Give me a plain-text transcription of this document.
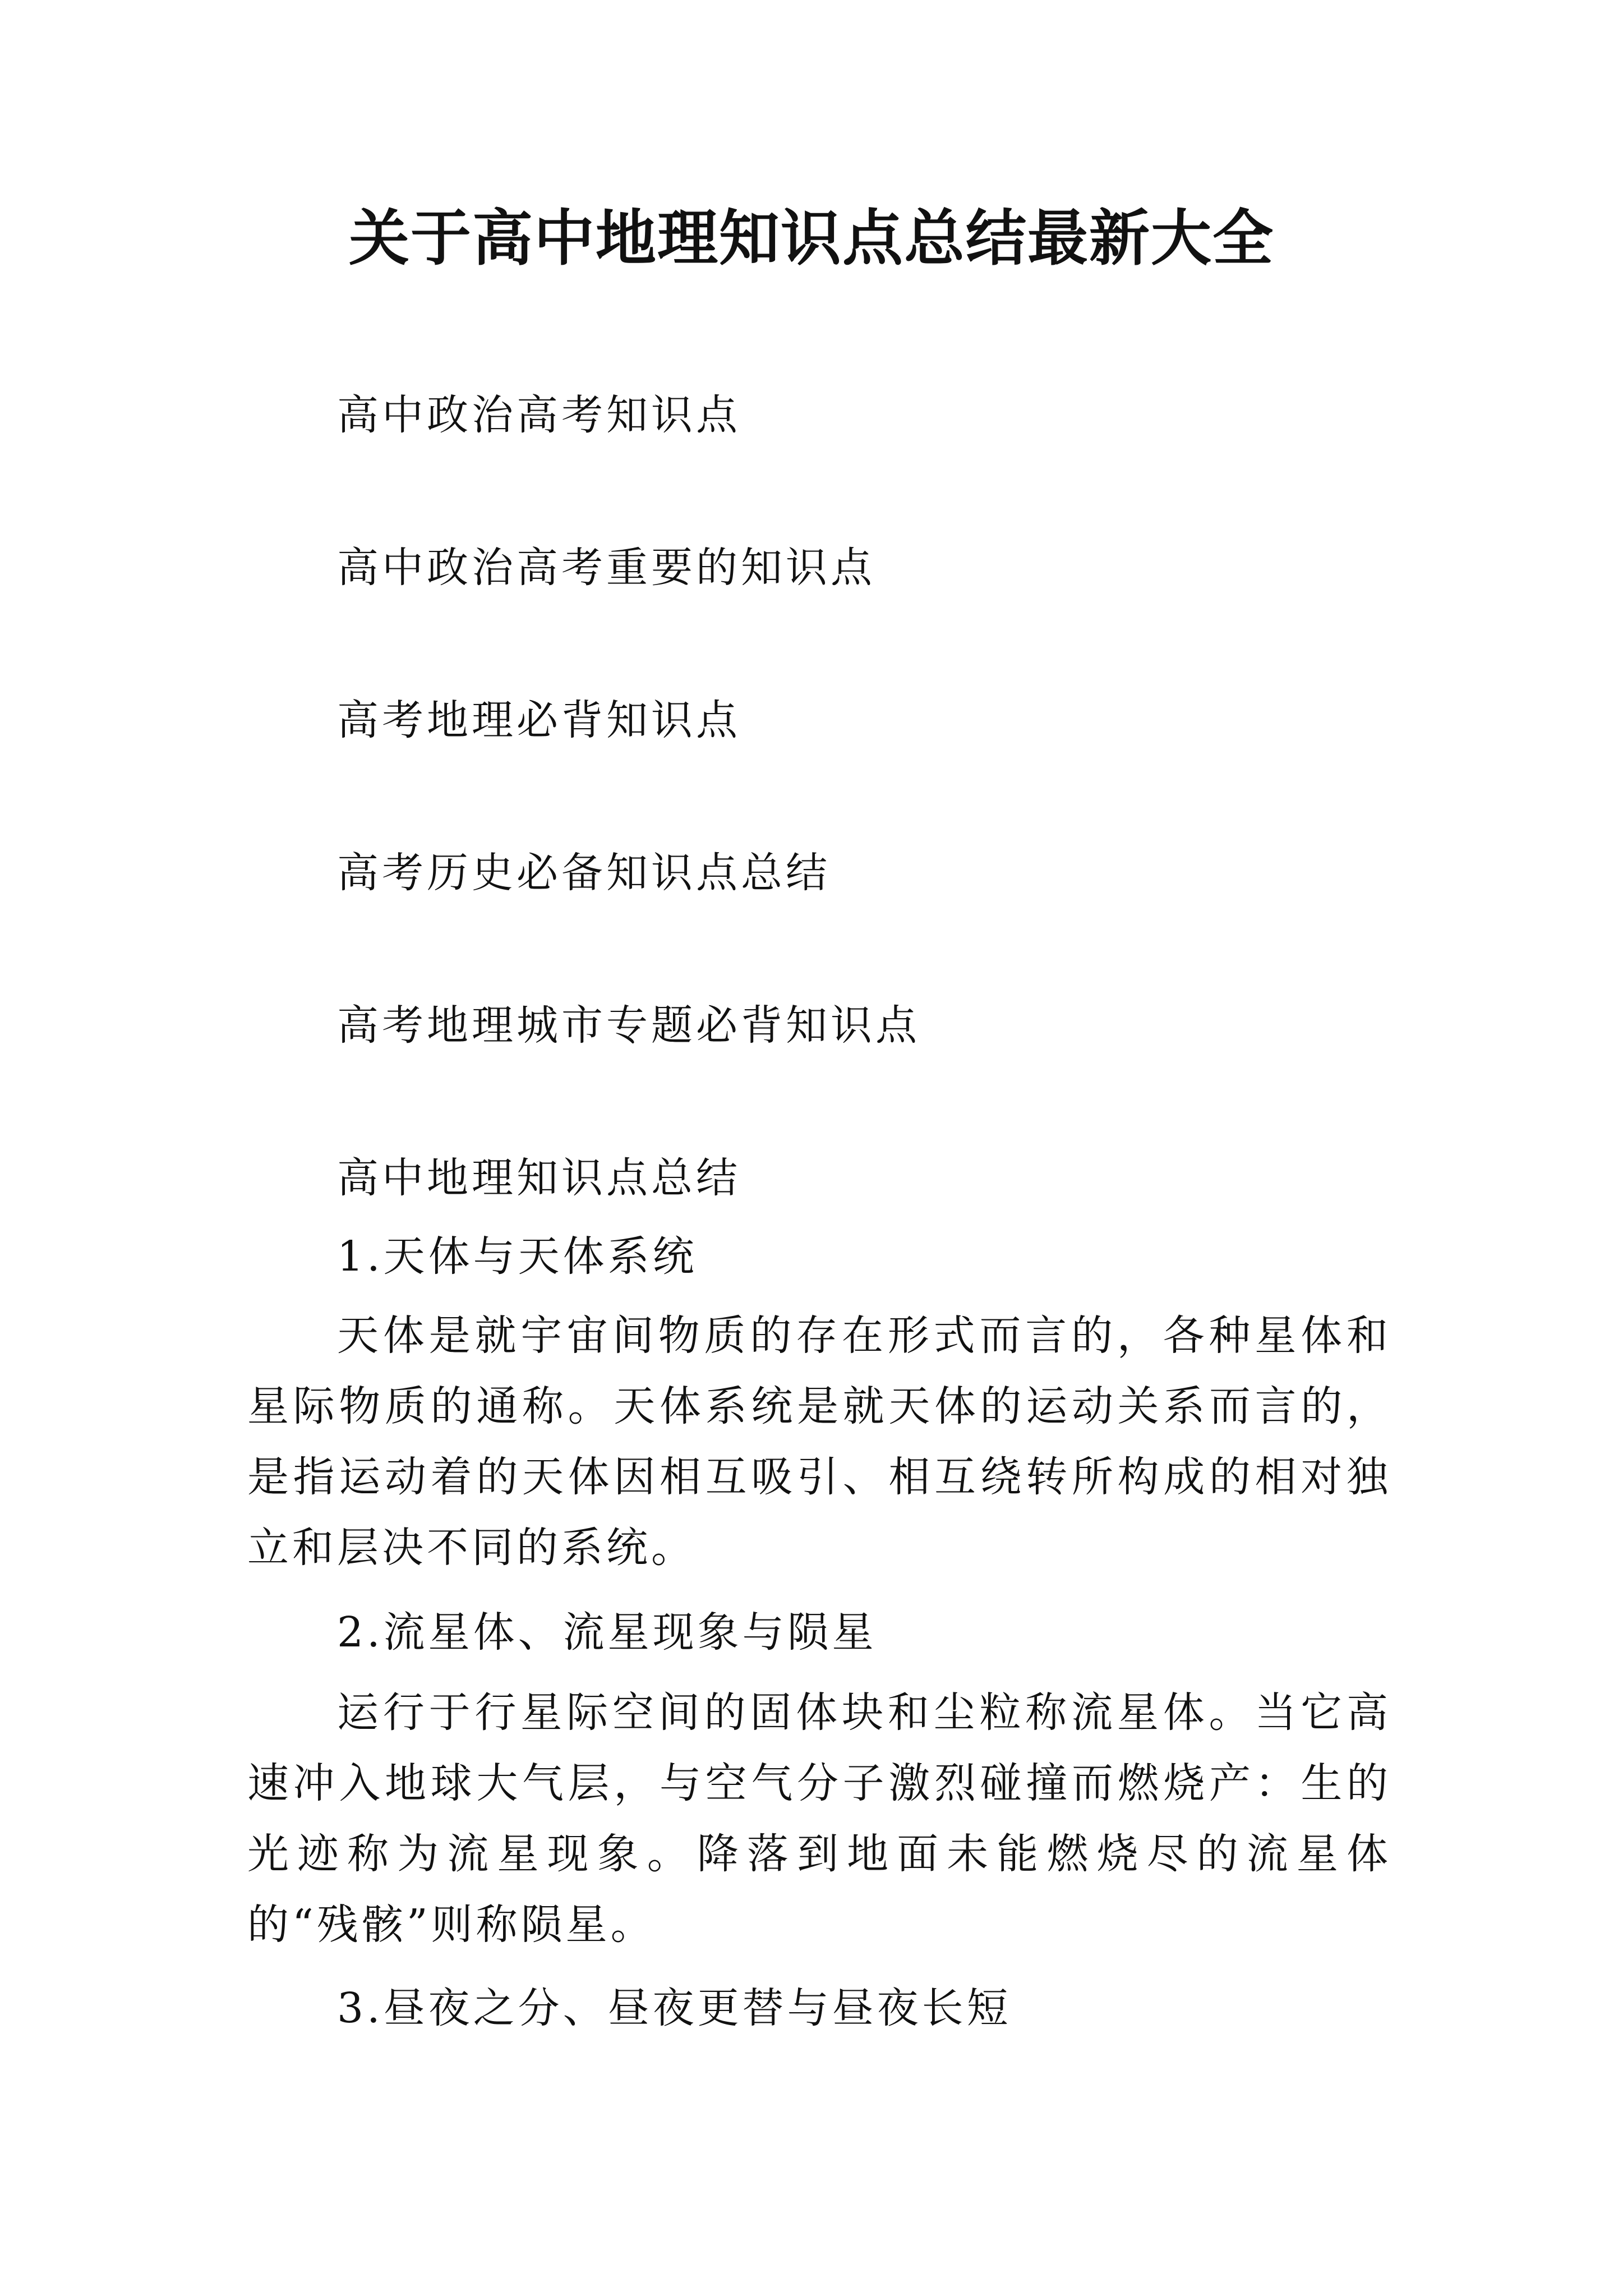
关于高中地理知识点总结最新大全
高中政治高考知识点
高中政治高考重要的知识点
高考地理必背知识点
高考历史必备知识点总结
高考地理城市专题必背知识点
高中地理知识点总结
1.天体与天体系统
天体是就宇宙间物质的存在形式而言的，各种星体和星际物质的通称。天体系统是就天体的运动关系而言的，是指运动着的天体因相互吸引、相互绕转所构成的相对独立和层决不同的系统。
2.流星体、流星现象与陨星
运行于行星际空间的固体块和尘粒称流星体。当它高速冲入地球大气层，与空气分子激烈碰撞而燃烧产：生的光迹称为流星现象。降落到地面未能燃烧尽的流星体的“残骸”则称陨星。
3.昼夜之分、昼夜更替与昼夜长短
